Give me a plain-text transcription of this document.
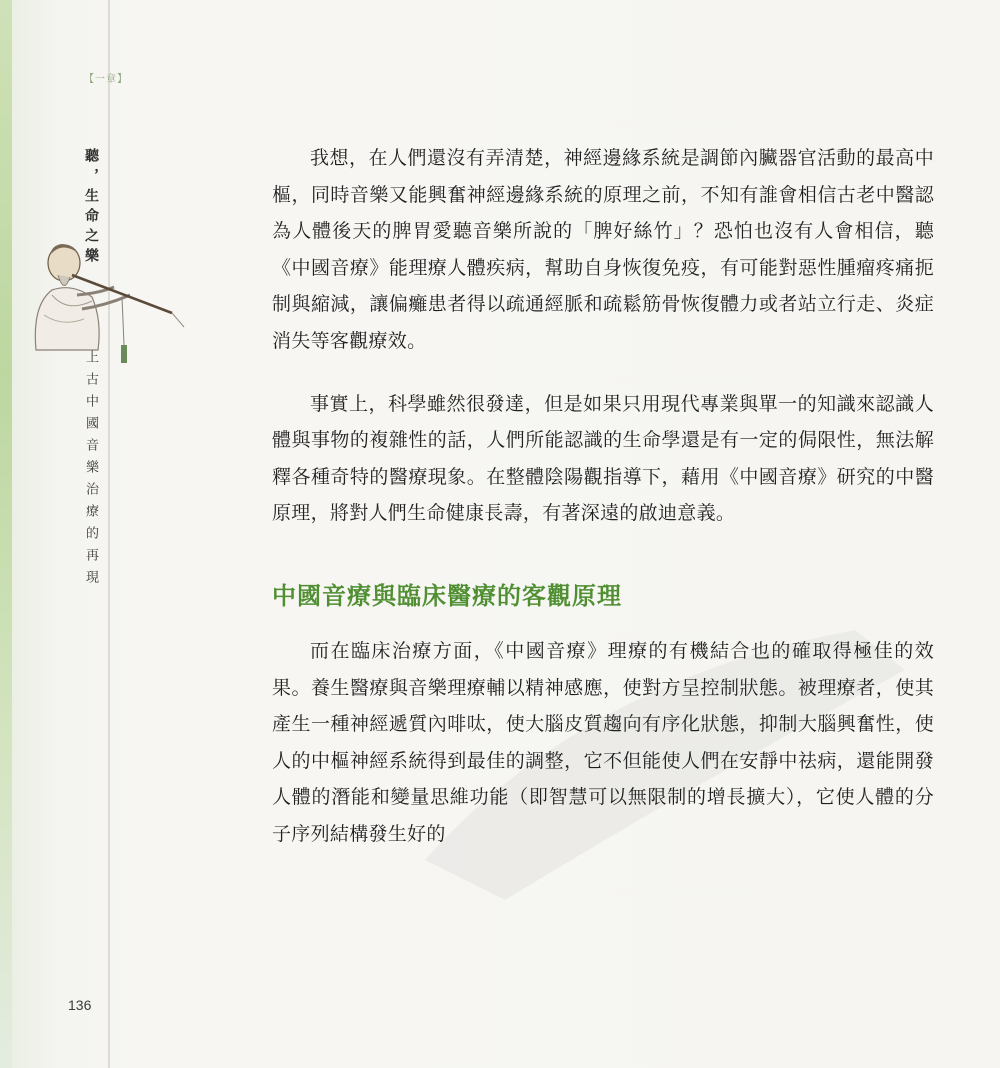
【一章】
聽，生命之樂
上古中國音樂治療的再現
136

我想，在人們還沒有弄清楚，神經邊緣系統是調節內臟器官活動的最高中樞，同時音樂又能興奮神經邊緣系統的原理之前，不知有誰會相信古老中醫認為人體後天的脾胃愛聽音樂所說的「脾好絲竹」？恐怕也沒有人會相信，聽《中國音療》能理療人體疾病，幫助自身恢復免疫，有可能對惡性腫瘤疼痛扼制與縮減，讓偏癱患者得以疏通經脈和疏鬆筋骨恢復體力或者站立行走、炎症消失等客觀療效。

事實上，科學雖然很發達，但是如果只用現代專業與單一的知識來認識人體與事物的複雜性的話，人們所能認識的生命學還是有一定的侷限性，無法解釋各種奇特的醫療現象。在整體陰陽觀指導下，藉用《中國音療》研究的中醫原理，將對人們生命健康長壽，有著深遠的啟迪意義。

中國音療與臨床醫療的客觀原理

而在臨床治療方面，《中國音療》理療的有機結合也的確取得極佳的效果。養生醫療與音樂理療輔以精神感應，使對方呈控制狀態。被理療者，使其產生一種神經遞質內啡呔，使大腦皮質趨向有序化狀態，抑制大腦興奮性，使人的中樞神經系統得到最佳的調整，它不但能使人們在安靜中祛病，還能開發人體的潛能和變量思維功能（即智慧可以無限制的增長擴大），它使人體的分子序列結構發生好的
